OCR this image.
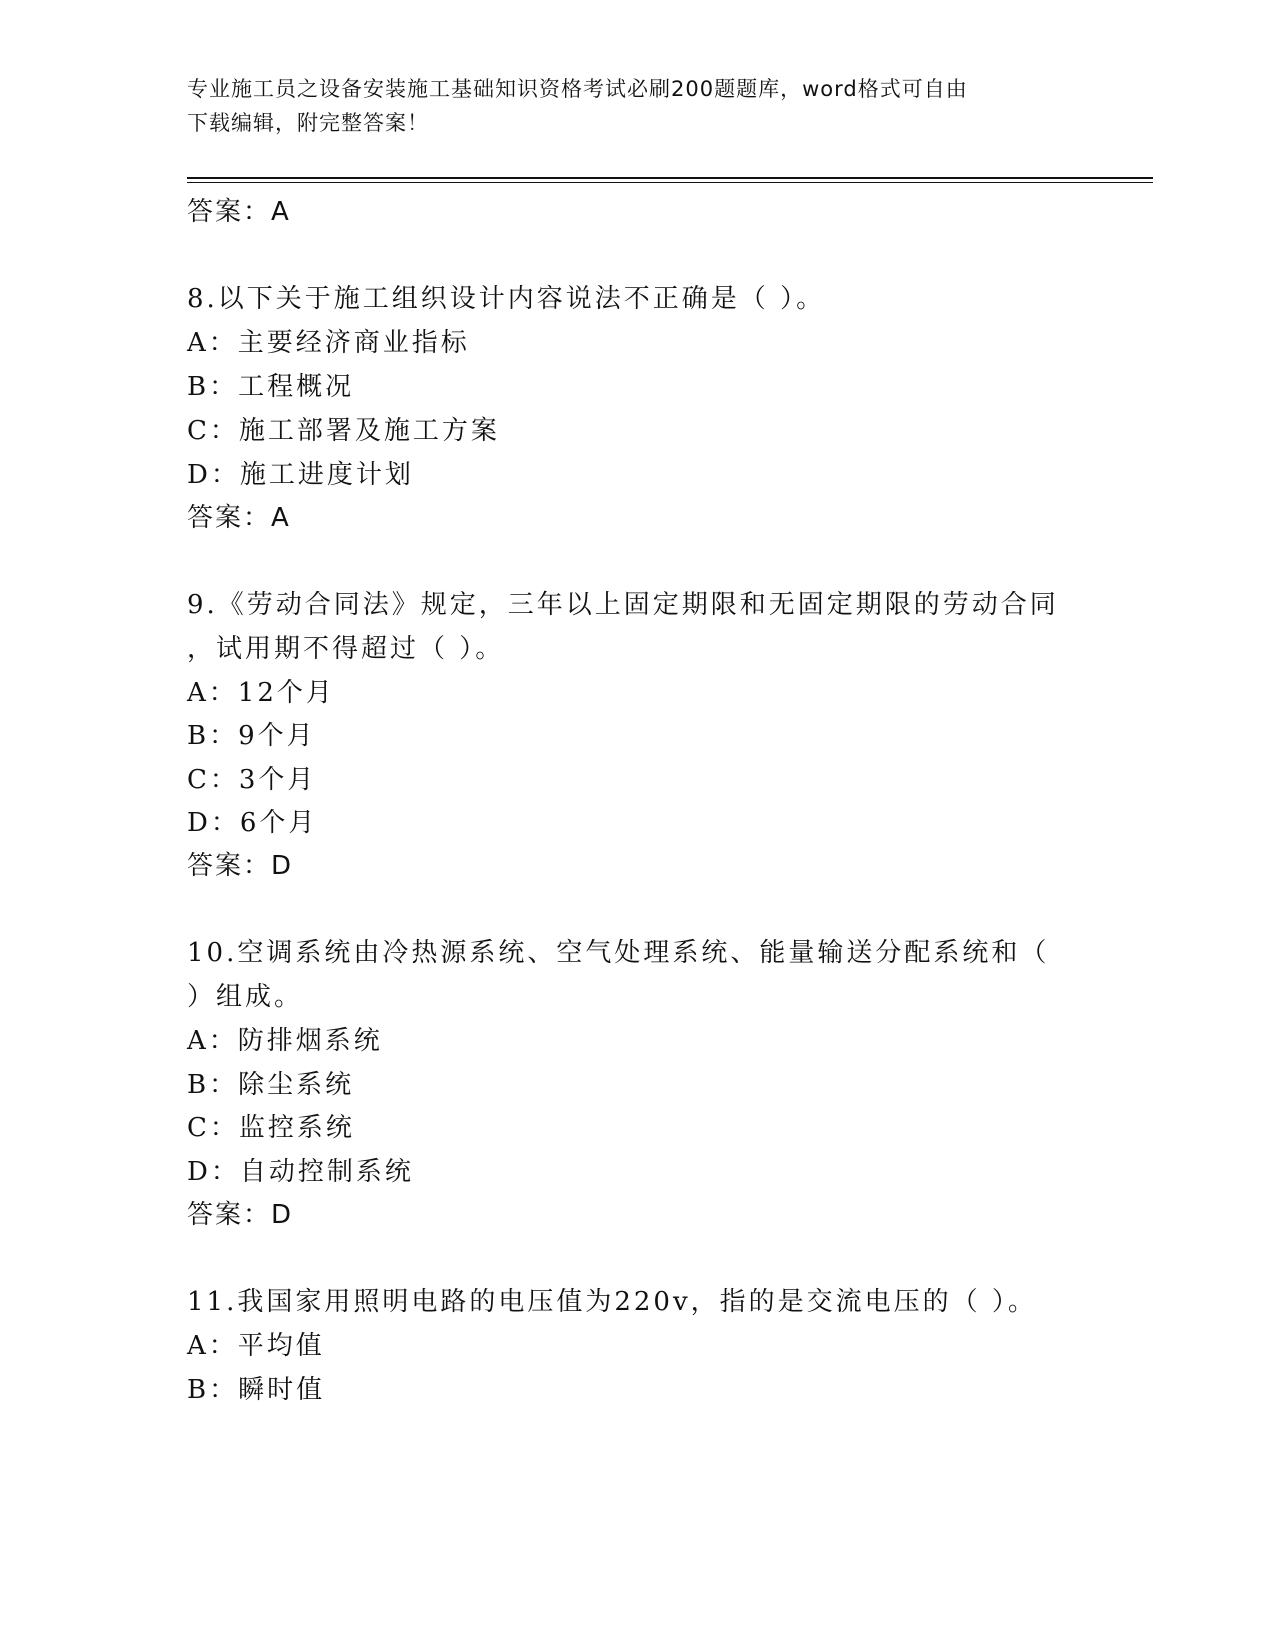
专业施工员之设备安装施工基础知识资格考试必刷200题题库，word格式可自由
下载编辑，附完整答案！
答案：A
8.以下关于施工组织设计内容说法不正确是（ ）。
A：主要经济商业指标
B：工程概况
C：施工部署及施工方案
D：施工进度计划
答案：A
9.《劳动合同法》规定，三年以上固定期限和无固定期限的劳动合同
，试用期不得超过（ ）。
A：12个月
B：9个月
C：3个月
D：6个月
答案：D
10.空调系统由冷热源系统、空气处理系统、能量输送分配系统和（
）组成。
A：防排烟系统
B：除尘系统
C：监控系统
D：自动控制系统
答案：D
11.我国家用照明电路的电压值为220v，指的是交流电压的（ ）。
A：平均值
B：瞬时值
